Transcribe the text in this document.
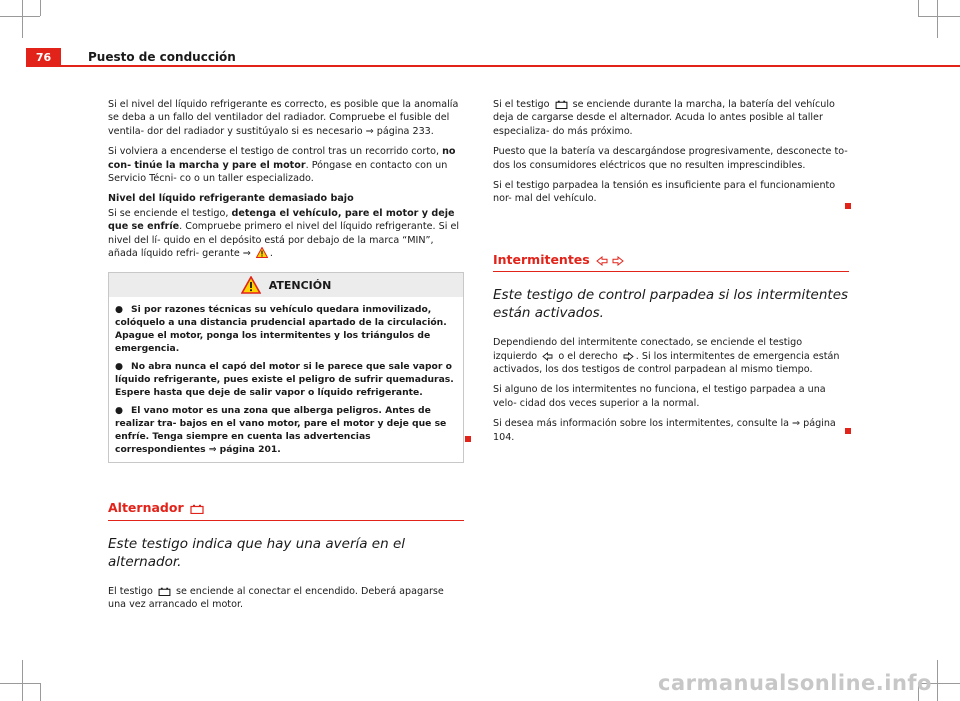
76	Puesto de conducción

Si el nivel del líquido refrigerante es correcto, es posible que la anomalía se deba a un fallo del ventilador del radiador. Compruebe el fusible del ventila- dor del radiador y sustitúyalo si es necesario ⇒ página 233.

Si volviera a encenderse el testigo de control tras un recorrido corto, no con- tinúe la marcha y pare el motor. Póngase en contacto con un Servicio Técni- co o un taller especializado.

Nivel del líquido refrigerante demasiado bajo

Si se enciende el testigo, detenga el vehículo, pare el motor y deje que se enfríe. Compruebe primero el nivel del líquido refrigerante. Si el nivel del lí- quido en el depósito está por debajo de la marca “MIN”, añada líquido refri- gerante ⇒ .

ATENCIÓN
● Si por razones técnicas su vehículo quedara inmovilizado, colóquelo a una distancia prudencial apartado de la circulación. Apague el motor, ponga los intermitentes y los triángulos de emergencia.
● No abra nunca el capó del motor si le parece que sale vapor o líquido refrigerante, pues existe el peligro de sufrir quemaduras. Espere hasta que deje de salir vapor o líquido refrigerante.
● El vano motor es una zona que alberga peligros. Antes de realizar tra- bajos en el vano motor, pare el motor y deje que se enfríe. Tenga siempre en cuenta las advertencias correspondientes ⇒ página 201.
Alternador
Este testigo indica que hay una avería en el alternador.

El testigo se enciende al conectar el encendido. Deberá apagarse una vez arrancado el motor.

Si el testigo se enciende durante la marcha, la batería del vehículo deja de cargarse desde el alternador. Acuda lo antes posible al taller especializa- do más próximo.

Puesto que la batería va descargándose progresivamente, desconecte to- dos los consumidores eléctricos que no resulten imprescindibles.

Si el testigo parpadea la tensión es insuficiente para el funcionamiento nor- mal del vehículo.

Intermitentes
Este testigo de control parpadea si los intermitentes están activados.

Dependiendo del intermitente conectado, se enciende el testigo izquierdo o el derecho . Si los intermitentes de emergencia están activados, los dos testigos de control parpadean al mismo tiempo.

Si alguno de los intermitentes no funciona, el testigo parpadea a una velo- cidad dos veces superior a la normal.

Si desea más información sobre los intermitentes, consulte la ⇒ página 104.

carmanualsonline.info
